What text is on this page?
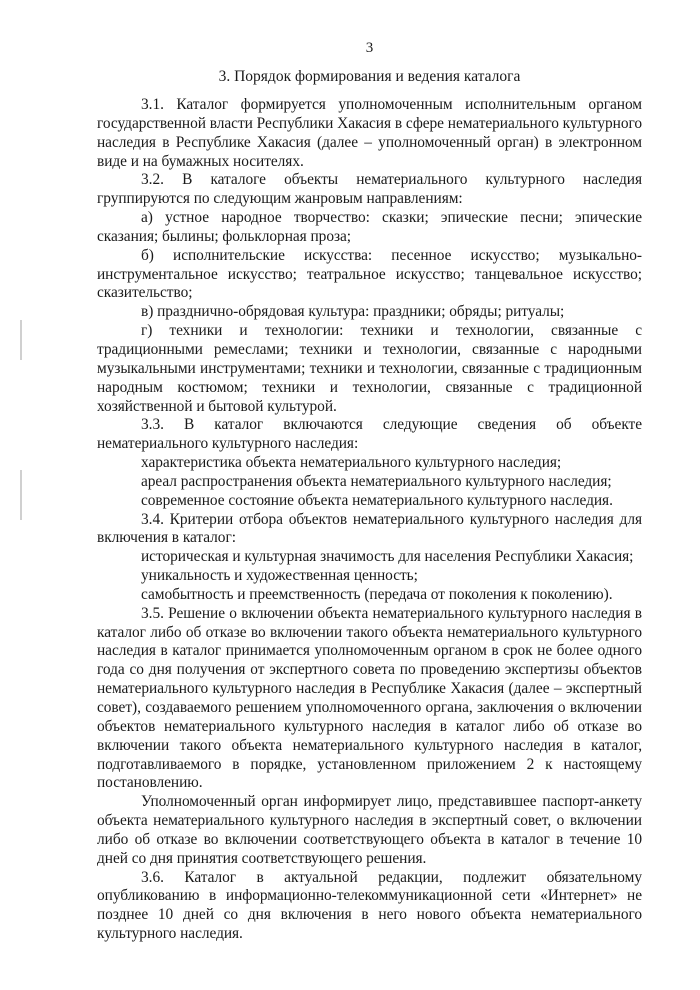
3
3. Порядок формирования и ведения каталога

3.1. Каталог формируется уполномоченным исполнительным органом государственной власти Республики Хакасия в сфере нематериального культурного наследия в Республике Хакасия (далее – уполномоченный орган) в электронном виде и на бумажных носителях.

3.2. В каталоге объекты нематериального культурного наследия группируются по следующим жанровым направлениям:

а) устное народное творчество: сказки; эпические песни; эпические сказания; былины; фольклорная проза;

б) исполнительские искусства: песенное искусство; музыкально-инструментальное искусство; театральное искусство; танцевальное искусство; сказительство;

в) празднично-обрядовая культура: праздники; обряды; ритуалы;

г) техники и технологии: техники и технологии, связанные с традиционными ремеслами; техники и технологии, связанные с народными музыкальными инструментами; техники и технологии, связанные с традиционным народным костюмом; техники и технологии, связанные с традиционной хозяйственной и бытовой культурой.

3.3. В каталог включаются следующие сведения об объекте нематериального культурного наследия:

характеристика объекта нематериального культурного наследия;

ареал распространения объекта нематериального культурного наследия;

современное состояние объекта нематериального культурного наследия.

3.4. Критерии отбора объектов нематериального культурного наследия для включения в каталог:

историческая и культурная значимость для населения Республики Хакасия;

уникальность и художественная ценность;

самобытность и преемственность (передача от поколения к поколению).

3.5. Решение о включении объекта нематериального культурного наследия в каталог либо об отказе во включении такого объекта нематериального культурного наследия в каталог принимается уполномоченным органом в срок не более одного года со дня получения от экспертного совета по проведению экспертизы объектов нематериального культурного наследия в Республике Хакасия (далее – экспертный совет), создаваемого решением уполномоченного органа, заключения о включении объектов нематериального культурного наследия в каталог либо об отказе во включении такого объекта нематериального культурного наследия в каталог, подготавливаемого в порядке, установленном приложением 2 к настоящему постановлению.

Уполномоченный орган информирует лицо, представившее паспорт-анкету объекта нематериального культурного наследия в экспертный совет, о включении либо об отказе во включении соответствующего объекта в каталог в течение 10 дней со дня принятия соответствующего решения.

3.6. Каталог в актуальной редакции, подлежит обязательному опубликованию в информационно-телекоммуникационной сети «Интернет» не позднее 10 дней со дня включения в него нового объекта нематериального культурного наследия.
